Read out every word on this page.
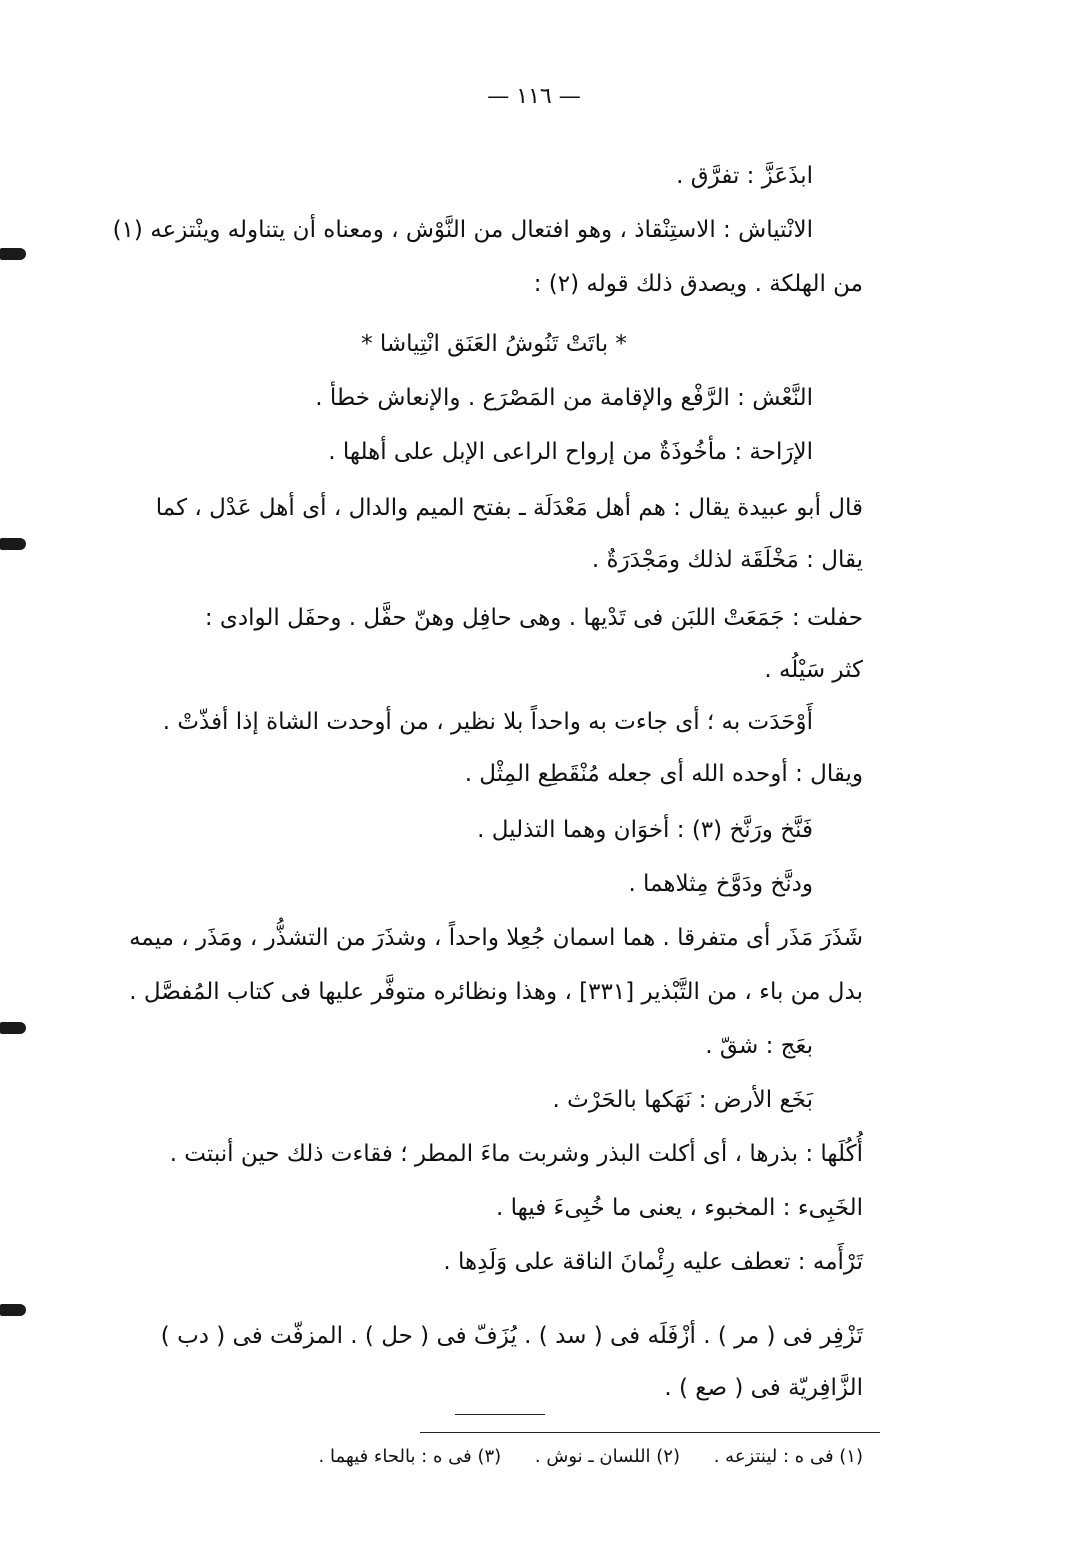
— ١١٦ —
ابذَعَزَّ : تفرَّق .
الانْتياش : الاستِنْقاذ ، وهو افتعال من النَّوْش ، ومعناه أن يتناوله وينْتزعه (١)
من الهلكة . ويصدق ذلك قوله (٢) :
* باتَتْ تَنُوشُ العَنَق انْتِياشا *
النَّعْش : الرَّفْع والإقامة من المَصْرَع . والإنعاش خطأ .
الإرَاحة : مأخُوذَةٌ من إرواح الراعى الإبل على أهلها .
قال أبو عبيدة يقال : هم أهل مَعْدَلَة ـ بفتح الميم والدال ، أى أهل عَدْل ، كما
يقال : مَخْلَقَة لذلك ومَجْدَرَةٌ .
حفلت : جَمَعَتْ اللبَن فى تَدْيها . وهى حافِل وهنّ حفَّل . وحفَل الوادى :
كثر سَيْلُه .
أَوْحَدَت به ؛ أى جاءت به واحداً بلا نظير ، من أوحدت الشاة إذا أفذّتْ .
ويقال : أوحده الله أى جعله مُنْقَطِع المِثْل .
فَنَّخ ورَنَّخ (٣) : أخوَان وهما التذليل .
ودنَّخ ودَوَّخ مِثلاهما .
شَذَرَ مَذَر أى متفرقا . هما اسمان جُعِلا واحداً ، وشذَرَ من التشذُّر ، ومَذَر ، ميمه
بدل من باء ، من التَّبْذير [٣٣١] ، وهذا ونظائره متوفَّر عليها فى كتاب المُفصَّل .
بعَج : شقّ .
بَخَع الأرض : نَهَكها بالحَرْث .
أُكُلَها : بذرها ، أى أكلت البذر وشربت ماءَ المطر ؛ فقاءت ذلك حين أنبتت .
الخَبِىء : المخبوء ، يعنى ما خُبِىءَ فيها .
تَرْأَمه : تعطف عليه رِئْمانَ الناقة على وَلَدِها .
تَزْفِر فى ( مر ) . أزْفَلَه فى ( سد ) . يُزَفّ فى ( حل ) . المزفّت فى ( دب )
الزَّافِريّة فى ( صع ) .
(١) فى ه : لينتزعه . (٢) اللسان ـ نوش . (٣) فى ه : بالحاء فيهما .
